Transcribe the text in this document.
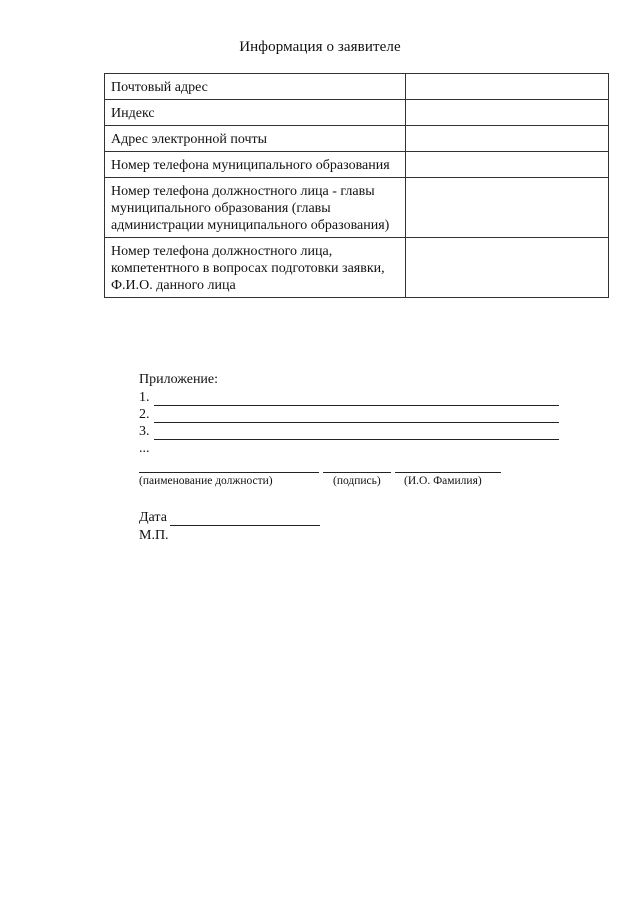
Информация о заявителе
Почтовый адрес	
Индекс	
Адрес электронной почты	
Номер телефона муниципального образования	
Номер телефона должностного лица - главы муниципального образования (главы администрации муниципального образования)	
Номер телефона должностного лица, компетентного в вопросах подготовки заявки, Ф.И.О. данного лица	
Приложение:
1.
2.
3.
...
(паименование должности)	(подпись) (И.О. Фамилия)
Дата
М.П.
